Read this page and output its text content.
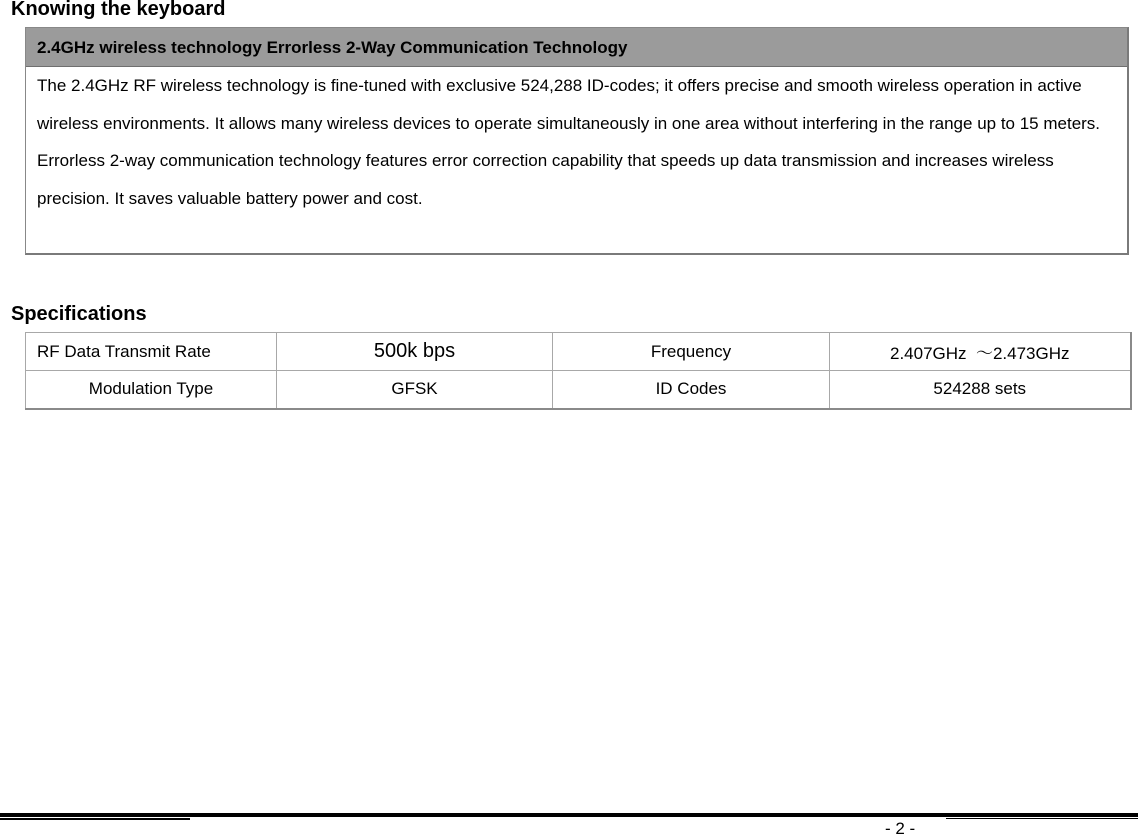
Knowing the keyboard
2.4GHz wireless technology Errorless 2-Way Communication Technology

The 2.4GHz RF wireless technology is fine-tuned with exclusive 524,288 ID-codes; it offers precise and smooth wireless operation in active wireless environments. It allows many wireless devices to operate simultaneously in one area without interfering in the range up to 15 meters.

Errorless 2-way communication technology features error correction capability that speeds up data transmission and increases wireless precision. It saves valuable battery power and cost.

Specifications
RF Data Transmit Rate	500k bps	Frequency	2.407GHz  ～2.473GHz
Modulation Type	GFSK	ID Codes	524288 sets
- 2 -
